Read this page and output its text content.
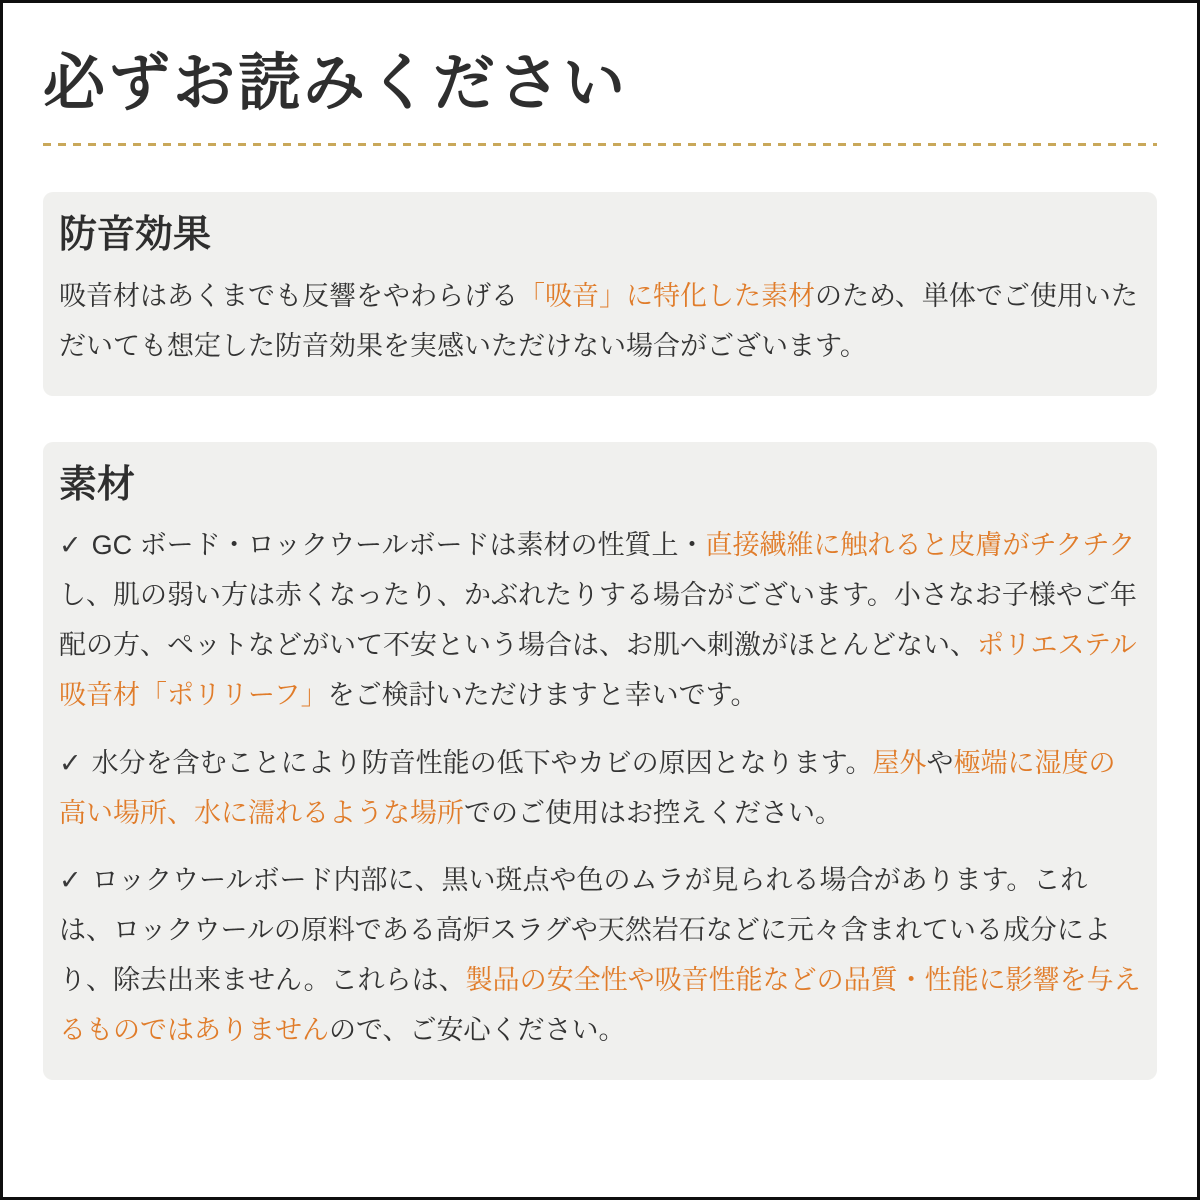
必ずお読みください
防音効果

吸音材はあくまでも反響をやわらげる「吸音」に特化した素材のため、単体でご使用いただいても想定した防音効果を実感いただけない場合がございます。

素材

✓ GC ボード・ロックウールボードは素材の性質上・直接繊維に触れると皮膚がチクチクし、肌の弱い方は赤くなったり、かぶれたりする場合がございます。小さなお子様やご年配の方、ペットなどがいて不安という場合は、お肌へ刺激がほとんどない、ポリエステル吸音材「ポリリーフ」をご検討いただけますと幸いです。

✓ 水分を含むことにより防音性能の低下やカビの原因となります。屋外や極端に湿度の高い場所、水に濡れるような場所でのご使用はお控えください。

✓ ロックウールボード内部に、黒い斑点や色のムラが見られる場合があります。これは、ロックウールの原料である高炉スラグや天然岩石などに元々含まれている成分により、除去出来ません。これらは、製品の安全性や吸音性能などの品質・性能に影響を与えるものではありませんので、ご安心ください。
